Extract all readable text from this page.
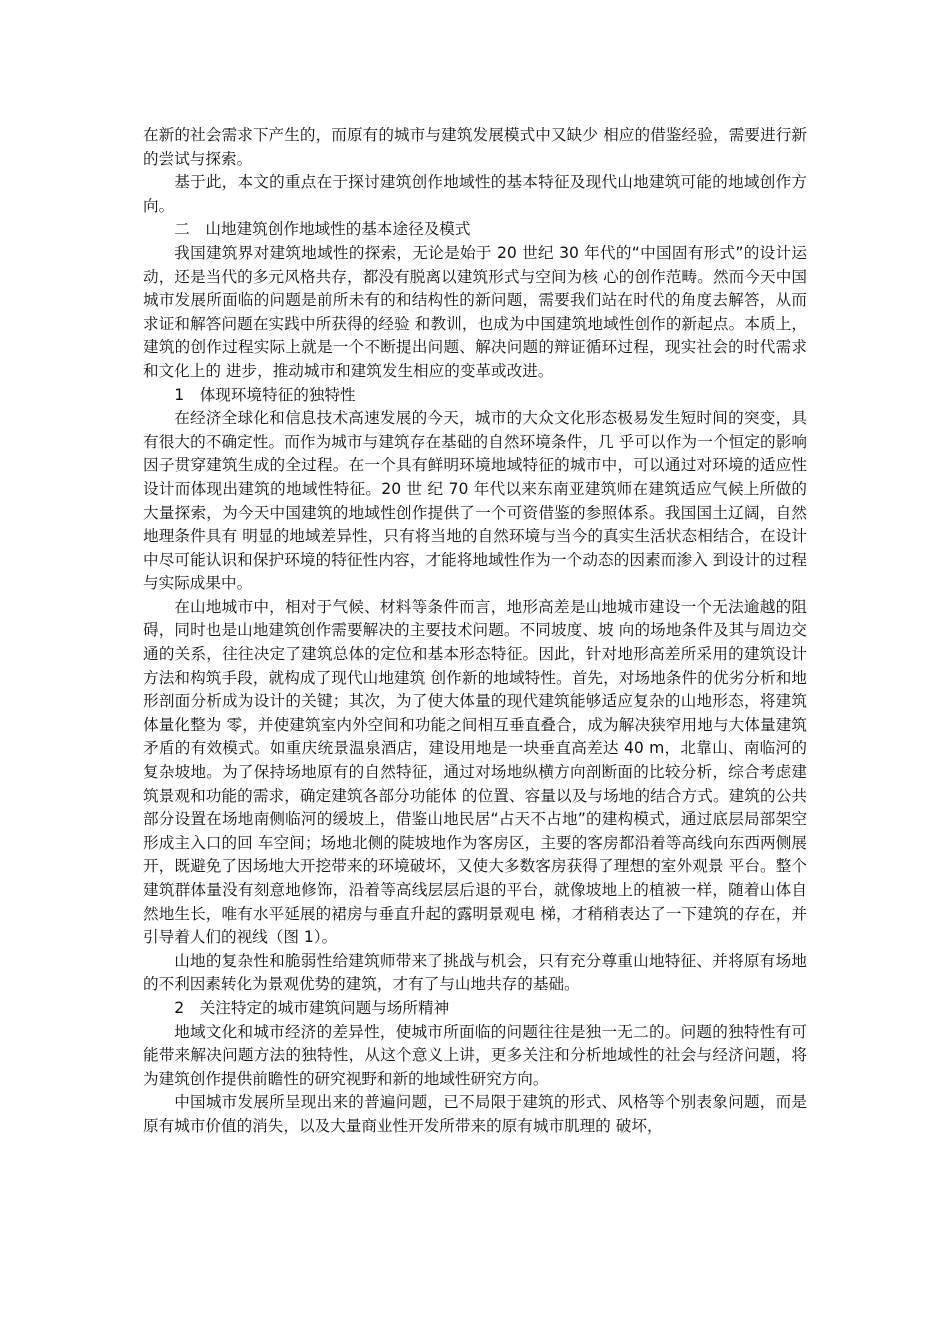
在新的社会需求下产生的，而原有的城市与建筑发展模式中又缺少 相应的借鉴经验，需要进行新的尝试与探索。

基于此，本文的重点在于探讨建筑创作地域性的基本特征及现代山地建筑可能的地域创作方向。

二　山地建筑创作地域性的基本途径及模式

我国建筑界对建筑地域性的探索，无论是始于 20 世纪 30 年代的“中国固有形式”的设计运动，还是当代的多元风格共存，都没有脱离以建筑形式与空间为核 心的创作范畴。然而今天中国城市发展所面临的问题是前所未有的和结构性的新问题，需要我们站在时代的角度去解答，从而求证和解答问题在实践中所获得的经验 和教训，也成为中国建筑地域性创作的新起点。本质上，建筑的创作过程实际上就是一个不断提出问题、解决问题的辩证循环过程，现实社会的时代需求和文化上的 进步，推动城市和建筑发生相应的变革或改进。

1　体现环境特征的独特性

在经济全球化和信息技术高速发展的今天，城市的大众文化形态极易发生短时间的突变，具有很大的不确定性。而作为城市与建筑存在基础的自然环境条件，几 乎可以作为一个恒定的影响因子贯穿建筑生成的全过程。在一个具有鲜明环境地域特征的城市中，可以通过对环境的适应性设计而体现出建筑的地域性特征。20 世 纪 70 年代以来东南亚建筑师在建筑适应气候上所做的大量探索，为今天中国建筑的地域性创作提供了一个可资借鉴的参照体系。我国国土辽阔，自然地理条件具有 明显的地域差异性，只有将当地的自然环境与当今的真实生活状态相结合，在设计中尽可能认识和保护环境的特征性内容，才能将地域性作为一个动态的因素而渗入 到设计的过程与实际成果中。

在山地城市中，相对于气候、材料等条件而言，地形高差是山地城市建设一个无法逾越的阻碍，同时也是山地建筑创作需要解决的主要技术问题。不同坡度、坡 向的场地条件及其与周边交通的关系，往往决定了建筑总体的定位和基本形态特征。因此，针对地形高差所采用的建筑设计方法和构筑手段，就构成了现代山地建筑 创作新的地域特性。首先，对场地条件的优劣分析和地形剖面分析成为设计的关键；其次，为了使大体量的现代建筑能够适应复杂的山地形态，将建筑体量化整为 零，并使建筑室内外空间和功能之间相互垂直叠合，成为解决狭窄用地与大体量建筑矛盾的有效模式。如重庆统景温泉酒店，建设用地是一块垂直高差达 40 m，北靠山、南临河的复杂坡地。为了保持场地原有的自然特征，通过对场地纵横方向剖断面的比较分析，综合考虑建筑景观和功能的需求，确定建筑各部分功能体 的位置、容量以及与场地的结合方式。建筑的公共部分设置在场地南侧临河的缓坡上，借鉴山地民居“占天不占地”的建构模式，通过底层局部架空形成主入口的回 车空间；场地北侧的陡坡地作为客房区，主要的客房都沿着等高线向东西两侧展开，既避免了因场地大开挖带来的环境破坏，又使大多数客房获得了理想的室外观景 平台。整个建筑群体量没有刻意地修饰，沿着等高线层层后退的平台，就像坡地上的植被一样，随着山体自然地生长，唯有水平延展的裙房与垂直升起的露明景观电 梯，才稍稍表达了一下建筑的存在，并引导着人们的视线（图 1）。

山地的复杂性和脆弱性给建筑师带来了挑战与机会，只有充分尊重山地特征、并将原有场地的不利因素转化为景观优势的建筑，才有了与山地共存的基础。

2　关注特定的城市建筑问题与场所精神

地域文化和城市经济的差异性，使城市所面临的问题往往是独一无二的。问题的独特性有可能带来解决问题方法的独特性，从这个意义上讲，更多关注和分析地域性的社会与经济问题，将为建筑创作提供前瞻性的研究视野和新的地域性研究方向。

中国城市发展所呈现出来的普遍问题，已不局限于建筑的形式、风格等个别表象问题，而是原有城市价值的消失，以及大量商业性开发所带来的原有城市肌理的 破坏，
